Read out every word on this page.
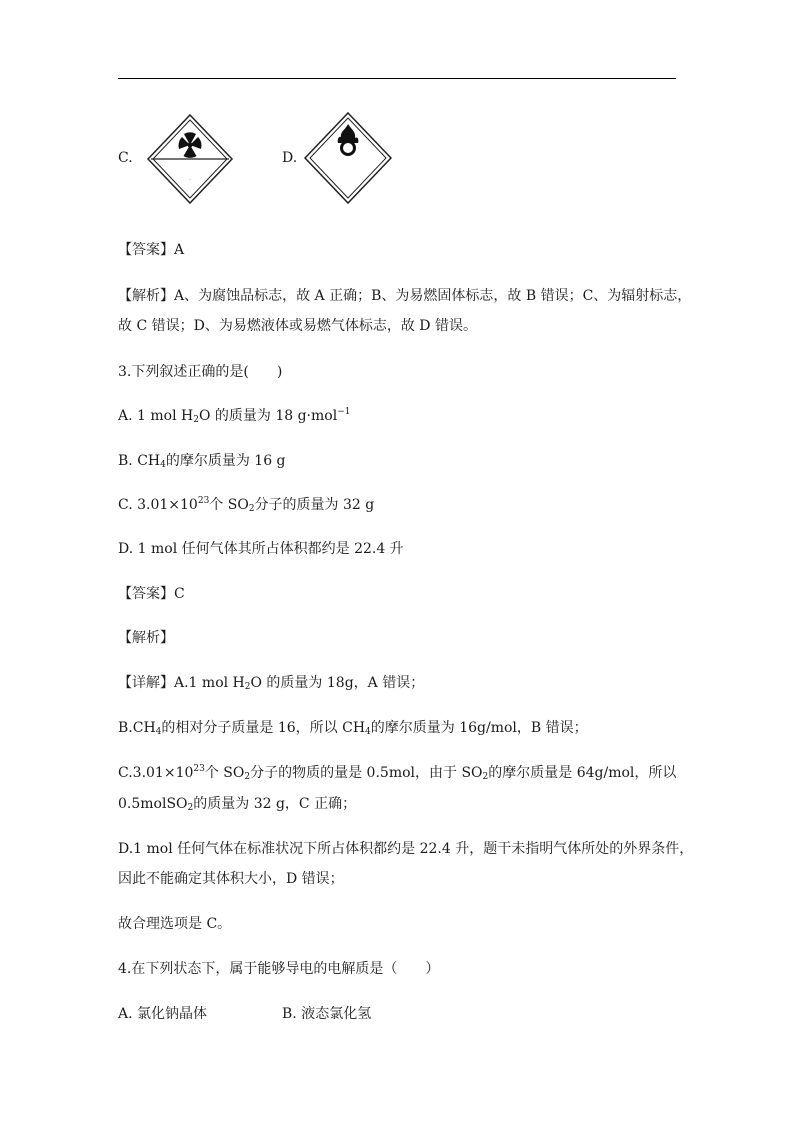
C.
·
D.
【答案】A
【解析】A、为腐蚀品标志，故 A 正确；B、为易燃固体标志，故 B 错误；C、为辐射标志，
故 C 错误；D、为易燃液体或易燃气体标志，故 D 错误。
3.下列叙述正确的是(　　)
A. 1 mol $H_2O$ 的质量为 18 g·mol$^{-1}$
B. $CH_4$的摩尔质量为 16 g
C. $3.01\times 10^{23}$个 $SO_2$分子的质量为 32 g
D. 1 mol 任何气体其所占体积都约是 22.4 升
【答案】C
【解析】
【详解】A.1 mol $H_2O$ 的质量为 18g，A 错误；
$B.CH_4$的相对分子质量是 16，所以 $CH_4$的摩尔质量为 16g/mol，B 错误；
$C.3.01\times 10^{23}$个 $SO_2$分子的物质的量是 0.5mol，由于 $SO_2$的摩尔质量是 64g/mol，所以
0.5molSO$_2$的质量为 32 g，C 正确；
D.1 mol 任何气体在标准状况下所占体积都约是 22.4 升，题干未指明气体所处的外界条件，
因此不能确定其体积大小，D 错误；
故合理选项是 C。
4.在下列状态下，属于能够导电的电解质是（　　）
A. 氯化钠晶体	B. 液态氯化氢
